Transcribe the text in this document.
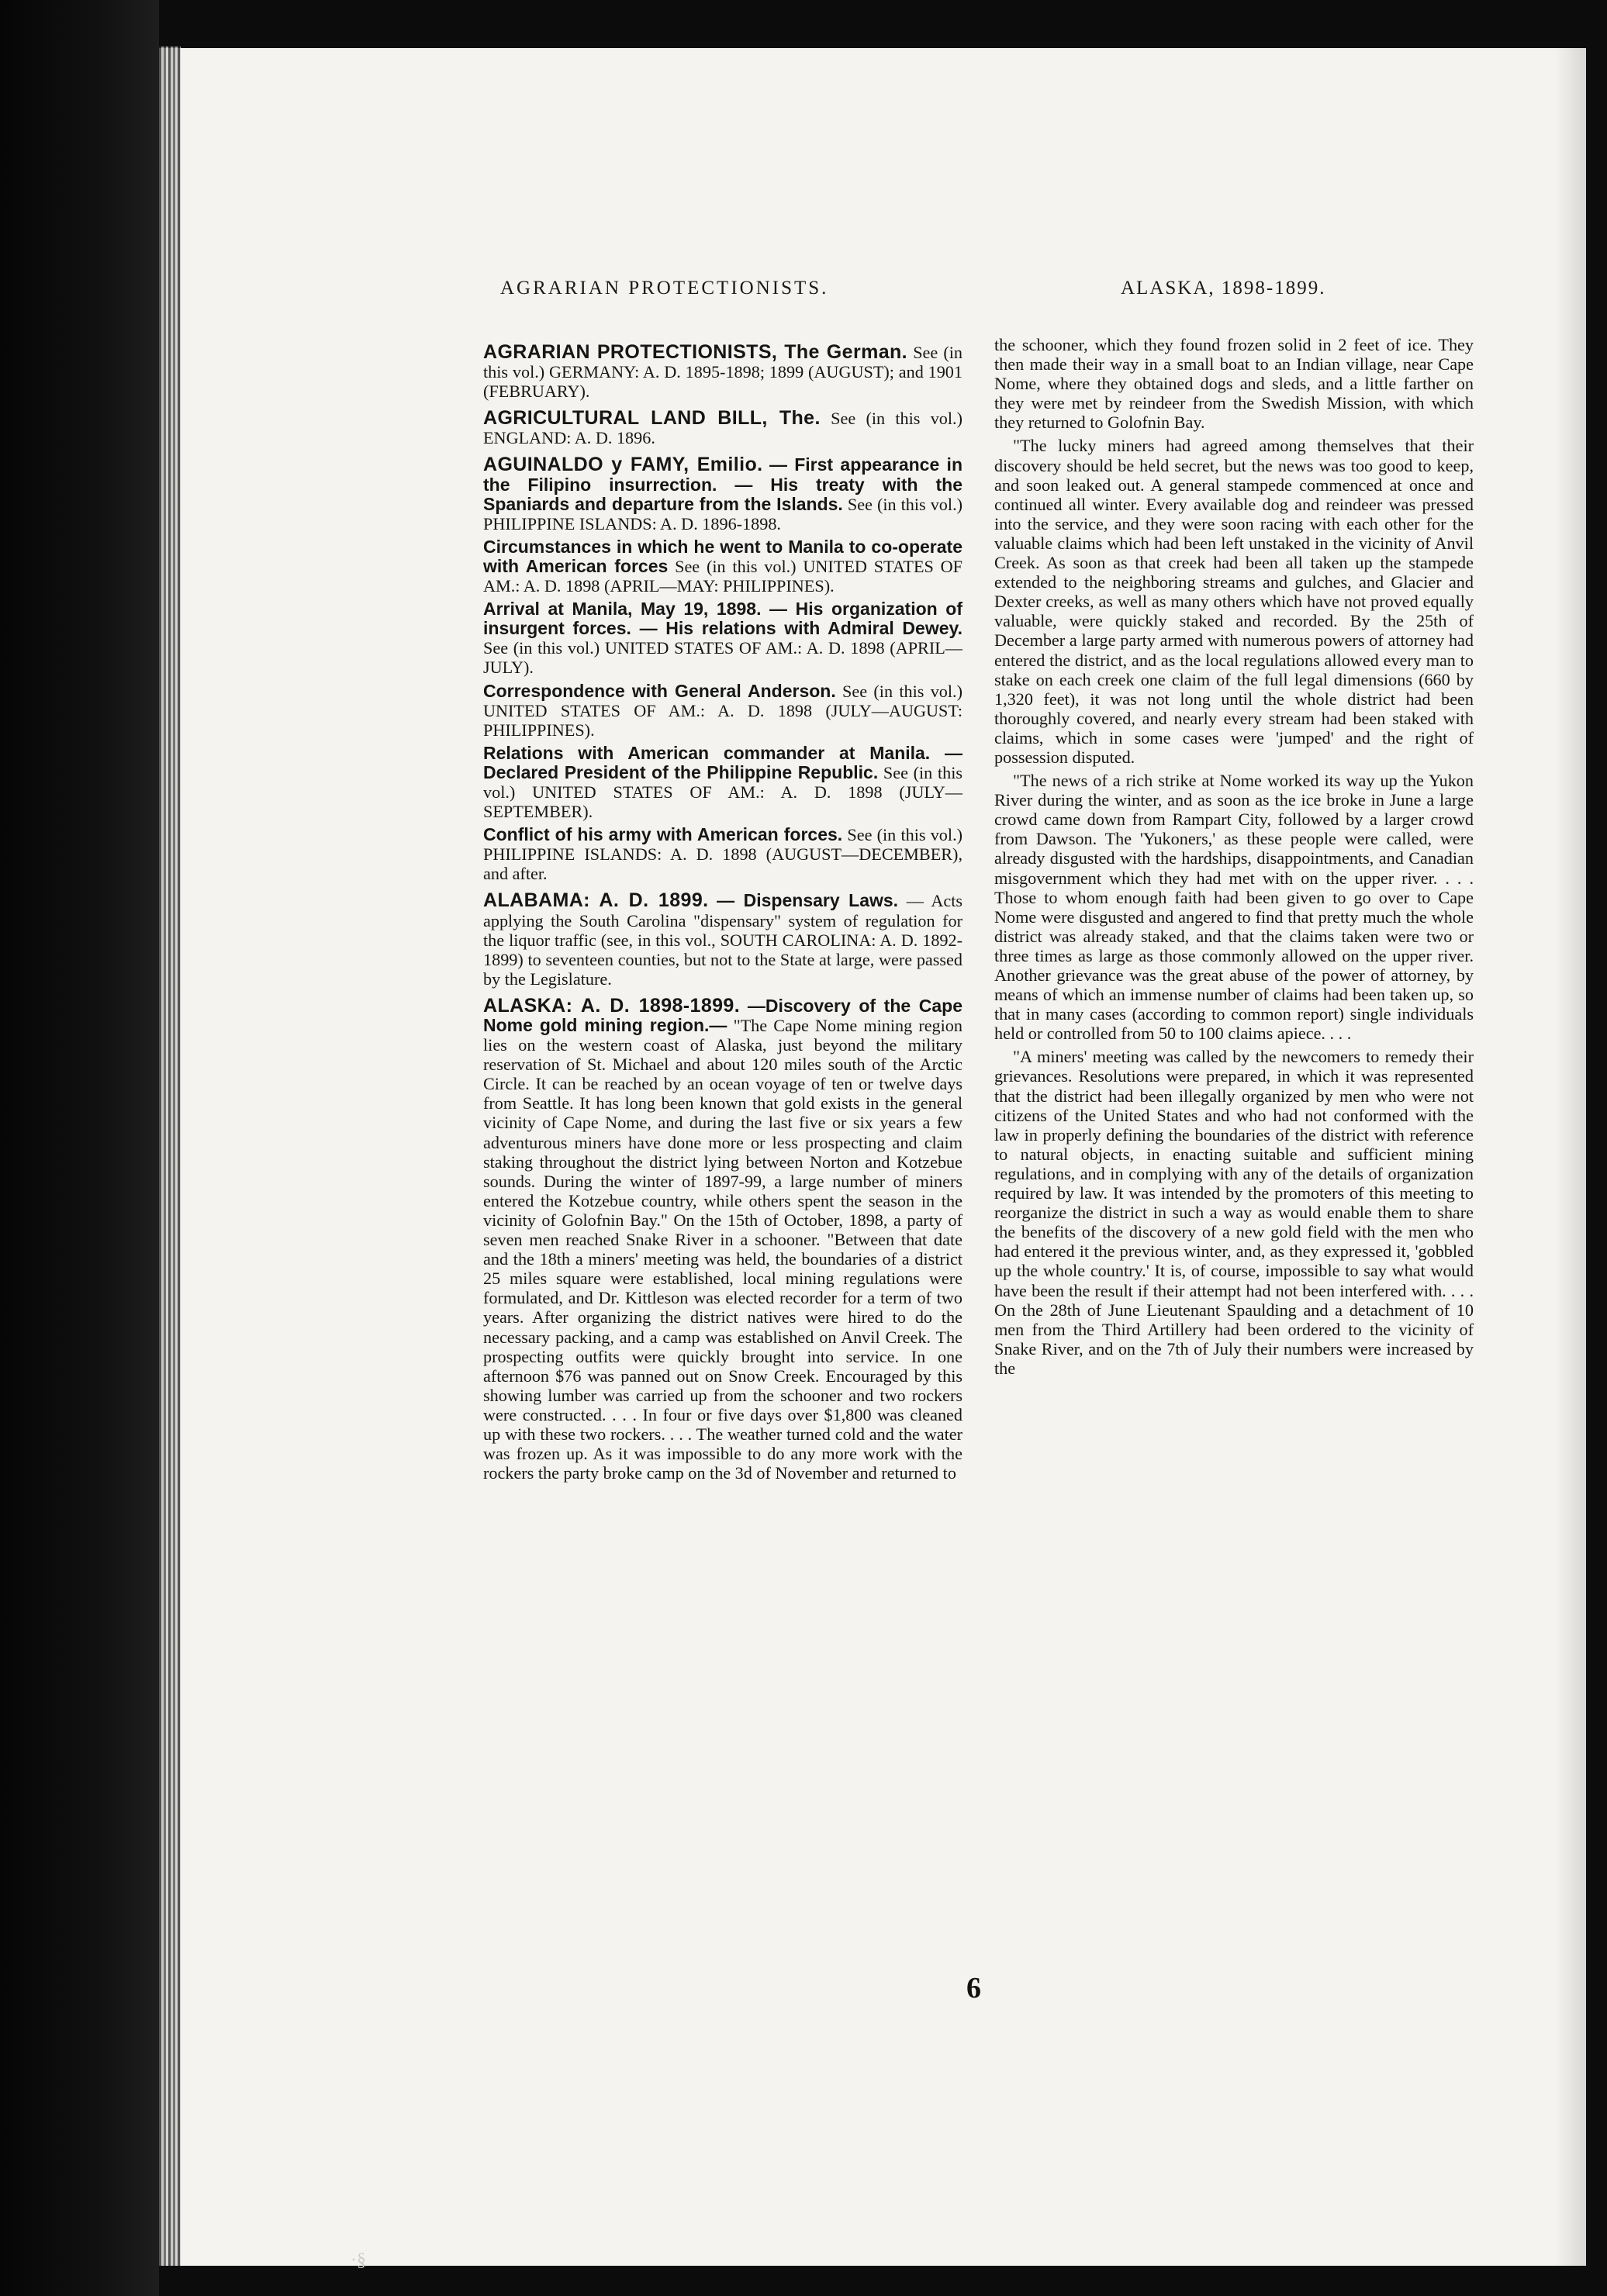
AGRARIAN PROTECTIONISTS.	ALASKA, 1898-1899.
AGRARIAN PROTECTIONISTS, The German. See (in this vol.) GERMANY: A. D. 1895-1898; 1899 (AUGUST); and 1901 (FEBRUARY).
AGRICULTURAL LAND BILL, The. See (in this vol.) ENGLAND: A. D. 1896.
AGUINALDO y FAMY, Emilio. — First appearance in the Filipino insurrection. — His treaty with the Spaniards and departure from the Islands. See (in this vol.) PHILIPPINE ISLANDS: A. D. 1896-1898.
Circumstances in which he went to Manila to co-operate with American forces See (in this vol.) UNITED STATES OF AM.: A. D. 1898 (APRIL—MAY: PHILIPPINES).
Arrival at Manila, May 19, 1898. — His organization of insurgent forces. — His relations with Admiral Dewey. See (in this vol.) UNITED STATES OF AM.: A. D. 1898 (APRIL—JULY).
Correspondence with General Anderson. See (in this vol.) UNITED STATES OF AM.: A. D. 1898 (JULY—AUGUST: PHILIPPINES).
Relations with American commander at Manila. — Declared President of the Philippine Republic. See (in this vol.) UNITED STATES OF AM.: A. D. 1898 (JULY—SEPTEMBER).
Conflict of his army with American forces. See (in this vol.) PHILIPPINE ISLANDS: A. D. 1898 (AUGUST—DECEMBER), and after.
ALABAMA: A. D. 1899. — Dispensary Laws. — Acts applying the South Carolina "dispensary" system of regulation for the liquor traffic (see, in this vol., SOUTH CAROLINA: A. D. 1892-1899) to seventeen counties, but not to the State at large, were passed by the Legislature.
ALASKA: A. D. 1898-1899. —Discovery of the Cape Nome gold mining region.— "The Cape Nome mining region lies on the western coast of Alaska, just beyond the military reservation of St. Michael and about 120 miles south of the Arctic Circle. It can be reached by an ocean voyage of ten or twelve days from Seattle. It has long been known that gold exists in the general vicinity of Cape Nome, and during the last five or six years a few adventurous miners have done more or less prospecting and claim staking throughout the district lying between Norton and Kotzebue sounds. During the winter of 1897-99, a large number of miners entered the Kotzebue country, while others spent the season in the vicinity of Golofnin Bay." On the 15th of October, 1898, a party of seven men reached Snake River in a schooner. "Between that date and the 18th a miners' meeting was held, the boundaries of a district 25 miles square were established, local mining regulations were formulated, and Dr. Kittleson was elected recorder for a term of two years. After organizing the district natives were hired to do the necessary packing, and a camp was established on Anvil Creek. The prospecting outfits were quickly brought into service. In one afternoon $76 was panned out on Snow Creek. Encouraged by this showing lumber was carried up from the schooner and two rockers were constructed. . . . In four or five days over $1,800 was cleaned up with these two rockers. . . . The weather turned cold and the water was frozen up. As it was impossible to do any more work with the rockers the party broke camp on the 3d of November and returned to
the schooner, which they found frozen solid in 2 feet of ice. They then made their way in a small boat to an Indian village, near Cape Nome, where they obtained dogs and sleds, and a little farther on they were met by reindeer from the Swedish Mission, with which they returned to Golofnin Bay.
"The lucky miners had agreed among themselves that their discovery should be held secret, but the news was too good to keep, and soon leaked out. A general stampede commenced at once and continued all winter. Every available dog and reindeer was pressed into the service, and they were soon racing with each other for the valuable claims which had been left unstaked in the vicinity of Anvil Creek. As soon as that creek had been all taken up the stampede extended to the neighboring streams and gulches, and Glacier and Dexter creeks, as well as many others which have not proved equally valuable, were quickly staked and recorded. By the 25th of December a large party armed with numerous powers of attorney had entered the district, and as the local regulations allowed every man to stake on each creek one claim of the full legal dimensions (660 by 1,320 feet), it was not long until the whole district had been thoroughly covered, and nearly every stream had been staked with claims, which in some cases were 'jumped' and the right of possession disputed.
"The news of a rich strike at Nome worked its way up the Yukon River during the winter, and as soon as the ice broke in June a large crowd came down from Rampart City, followed by a larger crowd from Dawson. The 'Yukoners,' as these people were called, were already disgusted with the hardships, disappointments, and Canadian misgovernment which they had met with on the upper river. . . . Those to whom enough faith had been given to go over to Cape Nome were disgusted and angered to find that pretty much the whole district was already staked, and that the claims taken were two or three times as large as those commonly allowed on the upper river. Another grievance was the great abuse of the power of attorney, by means of which an immense number of claims had been taken up, so that in many cases (according to common report) single individuals held or controlled from 50 to 100 claims apiece. . . .
"A miners' meeting was called by the newcomers to remedy their grievances. Resolutions were prepared, in which it was represented that the district had been illegally organized by men who were not citizens of the United States and who had not conformed with the law in properly defining the boundaries of the district with reference to natural objects, in enacting suitable and sufficient mining regulations, and in complying with any of the details of organization required by law. It was intended by the promoters of this meeting to reorganize the district in such a way as would enable them to share the benefits of the discovery of a new gold field with the men who had entered it the previous winter, and, as they expressed it, 'gobbled up the whole country.' It is, of course, impossible to say what would have been the result if their attempt had not been interfered with. . . . On the 28th of June Lieutenant Spaulding and a detachment of 10 men from the Third Artillery had been ordered to the vicinity of Snake River, and on the 7th of July their numbers were increased by the
6
·§
